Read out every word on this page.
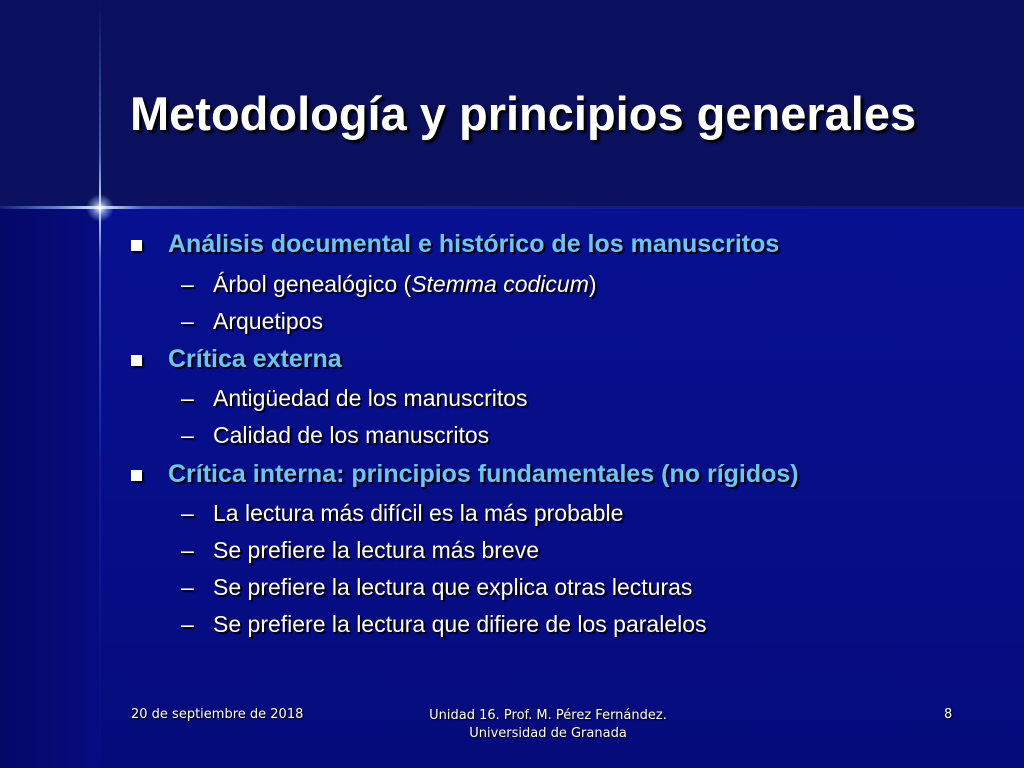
Metodología y principios generales
Análisis documental e histórico de los manuscritos
– Árbol genealógico (Stemma codicum)
– Arquetipos
Crítica externa
– Antigüedad de los manuscritos
– Calidad de los manuscritos
Crítica interna: principios fundamentales (no rígidos)
– La lectura más difícil es la más probable
– Se prefiere la lectura más breve
– Se prefiere la lectura que explica otras lecturas
– Se prefiere la lectura que difiere de los paralelos
20 de septiembre de 2018	Unidad 16. Prof. M. Pérez Fernández.
Universidad de Granada
8
